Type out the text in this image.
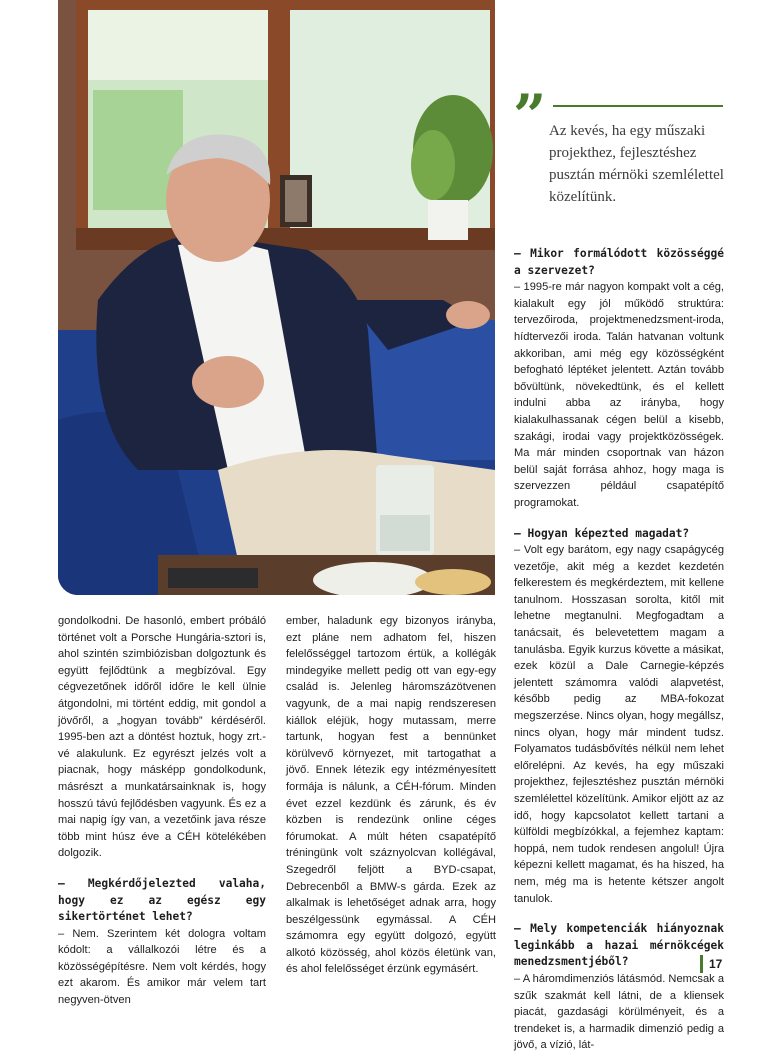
” Az kevés, ha egy műszaki projekthez, fejlesztéshez pusztán mérnöki szemlélettel közelítünk.

gondolkodni. De hasonló, embert próbáló történet volt a Porsche Hungária-sztori is, ahol szintén szimbiózisban dolgoztunk és együtt fejlődtünk a megbízóval. Egy cégvezetőnek időről időre le kell ülnie átgondolni, mi történt eddig, mit gondol a jövőről, a „hogyan tovább” kérdéséről. 1995-ben azt a döntést hoztuk, hogy zrt.-vé alakulunk. Ez egyrészt jelzés volt a piacnak, hogy másképp gondolkodunk, másrészt a munkatársainknak is, hogy hosszú távú fejlődésben vagyunk. És ez a mai napig így van, a vezetőink java része több mint húsz éve a CÉH kötelékében dolgozik.

– Megkérdőjelezted valaha, hogy ez az egész egy sikertörténet lehet?

– Nem. Szerintem két dologra voltam kódolt: a vállalkozói létre és a közösségépítésre. Nem volt kérdés, hogy ezt akarom. És amikor már velem tart negyven-ötven

ember, haladunk egy bizonyos irányba, ezt pláne nem adhatom fel, hiszen felelősséggel tartozom értük, a kollégák mindegyike mellett pedig ott van egy-egy család is. Jelenleg háromszázötvenen vagyunk, de a mai napig rendszeresen kiállok eléjük, hogy mutassam, merre tartunk, hogyan fest a bennünket körülvevő környezet, mit tartogathat a jövő. Ennek létezik egy intézményesített formája is nálunk, a CÉH-fórum. Minden évet ezzel kezdünk és zárunk, és év közben is rendezünk online céges fórumokat. A múlt héten csapatépítő tréningünk volt száznyolcvan kollégával, Szegedről feljött a BYD-csapat, Debrecenből a BMW-s gárda. Ezek az alkalmak is lehetőséget adnak arra, hogy beszélgessünk egymással. A CÉH számomra egy együtt dolgozó, együtt alkotó közösség, ahol közös életünk van, és ahol felelősséget érzünk egymásért.

– Mikor formálódott közösséggé a szervezet?

– 1995-re már nagyon kompakt volt a cég, kialakult egy jól működő struktúra: tervezőiroda, projektmenedzsment-iroda, hídtervezői iroda. Talán hatvanan voltunk akkoriban, ami még egy közösségként befogható léptéket jelentett. Aztán tovább bővültünk, növekedtünk, és el kellett indulni abba az irányba, hogy kialakulhassanak cégen belül a kisebb, szakági, irodai vagy projektközösségek. Ma már minden csoportnak van házon belül saját forrása ahhoz, hogy maga is szervezzen például csapatépítő programokat.

– Hogyan képezted magadat?

– Volt egy barátom, egy nagy csapágycég vezetője, akit még a kezdet kezdetén felkerestem és megkérdeztem, mit kellene tanulnom. Hosszasan sorolta, kitől mit lehetne megtanulni. Megfogadtam a tanácsait, és belevetettem magam a tanulásba. Egyik kurzus követte a másikat, ezek közül a Dale Carnegie-képzés jelentett számomra valódi alapvetést, később pedig az MBA-fokozat megszerzése. Nincs olyan, hogy megállsz, nincs olyan, hogy már mindent tudsz. Folyamatos tudásbővítés nélkül nem lehet előrelépni. Az kevés, ha egy műszaki projekthez, fejlesztéshez pusztán mérnöki szemlélettel közelítünk. Amikor eljött az az idő, hogy kapcsolatot kellett tartani a külföldi megbízókkal, a fejemhez kaptam: hoppá, nem tudok rendesen angolul! Újra képezni kellett magamat, és ha hiszed, ha nem, még ma is hetente kétszer angolt tanulok.

– Mely kompetenciák hiányoznak leginkább a hazai mérnökcégek menedzsmentjéből?

– A háromdimenziós látásmód. Nemcsak a szűk szakmát kell látni, de a kliensek piacát, gazdasági körülményeit, és a trendeket is, a harmadik dimenzió pedig a jövő, a vízió, lát-

17
